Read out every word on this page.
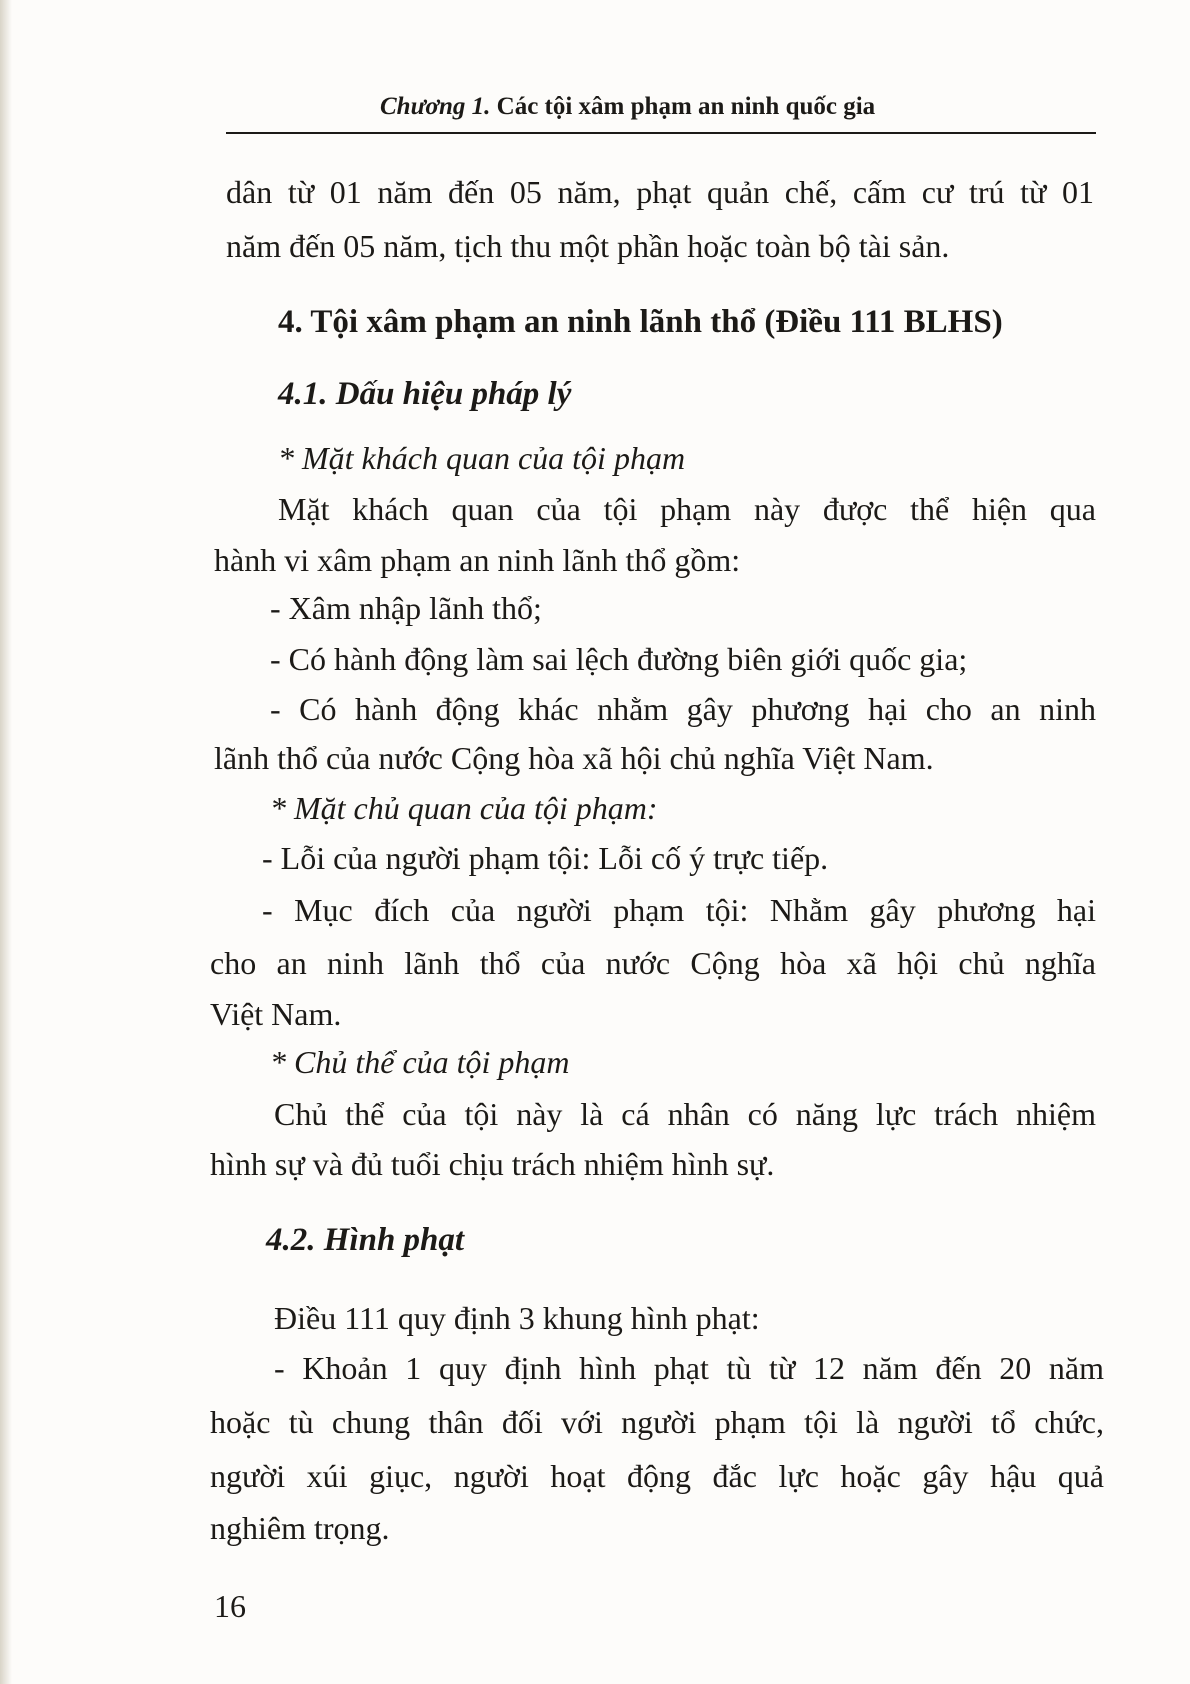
Chương 1. Các tội xâm phạm an ninh quốc gia
dân từ 01 năm đến 05 năm, phạt quản chế, cấm cư trú từ 01
năm đến 05 năm, tịch thu một phần hoặc toàn bộ tài sản.
4. Tội xâm phạm an ninh lãnh thổ (Điều 111 BLHS)
4.1. Dấu hiệu pháp lý
* Mặt khách quan của tội phạm
Mặt khách quan của tội phạm này được thể hiện qua
hành vi xâm phạm an ninh lãnh thổ gồm:
- Xâm nhập lãnh thổ;
- Có hành động làm sai lệch đường biên giới quốc gia;
- Có hành động khác nhằm gây phương hại cho an ninh
lãnh thổ của nước Cộng hòa xã hội chủ nghĩa Việt Nam.
* Mặt chủ quan của tội phạm:
- Lỗi của người phạm tội: Lỗi cố ý trực tiếp.
- Mục đích của người phạm tội: Nhằm gây phương hại
cho an ninh lãnh thổ của nước Cộng hòa xã hội chủ nghĩa
Việt Nam.
* Chủ thể của tội phạm
Chủ thể của tội này là cá nhân có năng lực trách nhiệm
hình sự và đủ tuổi chịu trách nhiệm hình sự.
4.2. Hình phạt
Điều 111 quy định 3 khung hình phạt:
- Khoản 1 quy định hình phạt tù từ 12 năm đến 20 năm
hoặc tù chung thân đối với người phạm tội là người tổ chức,
người xúi giục, người hoạt động đắc lực hoặc gây hậu quả
nghiêm trọng.
16
